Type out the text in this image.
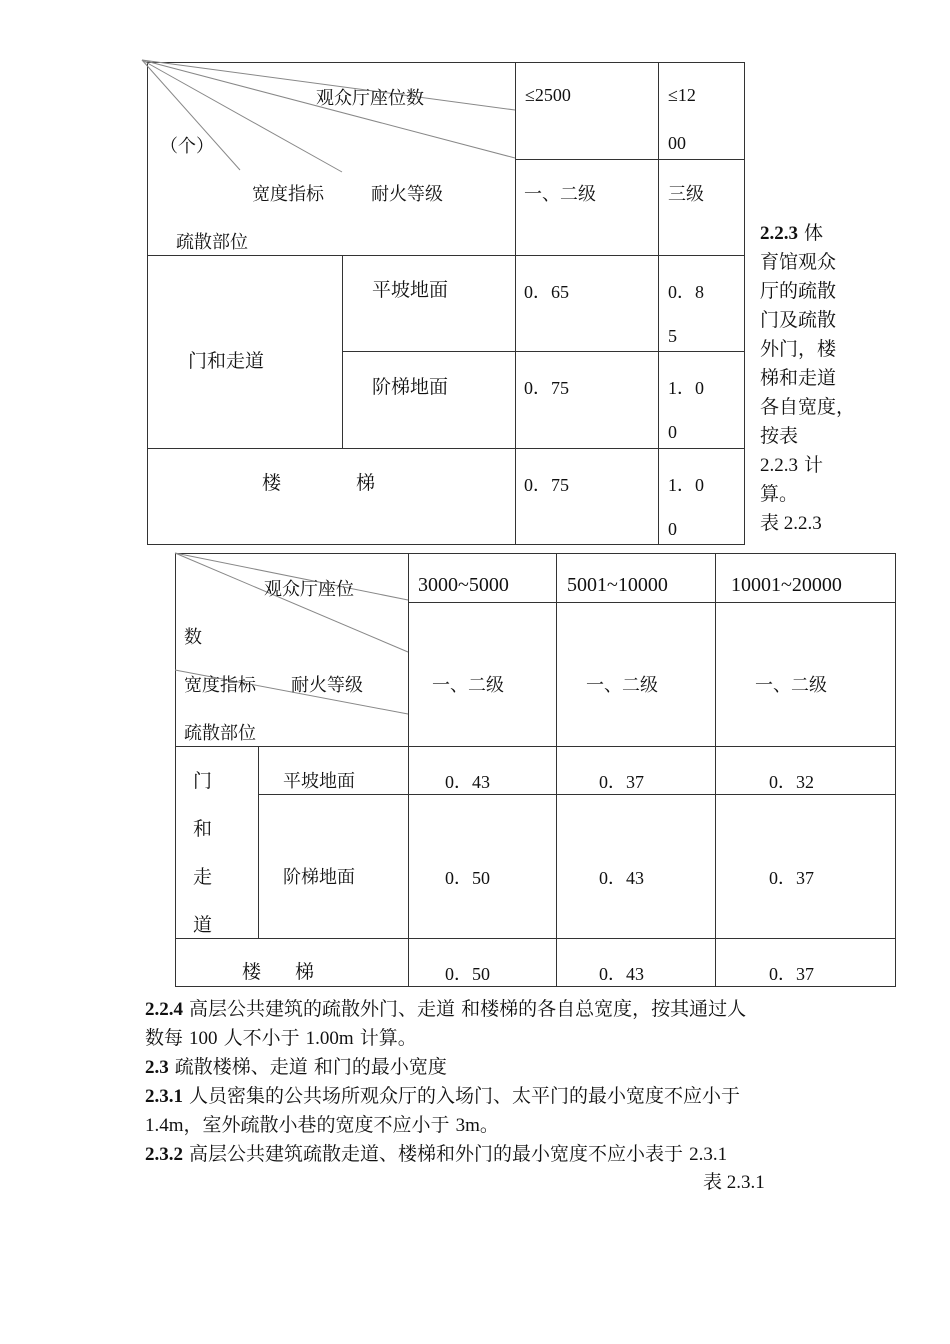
观众厅座位数
（个）
宽度指标	耐火等级
疏散部位
≤2500	≤12
00
一、二级	三级
门和走道
平坡地面	0．65	0．8
5
阶梯地面	0．75	1．0
0
楼	梯	0．75	1．0
0
2.2.3 体
育馆观众
厅的疏散
门及疏散
外门，楼
梯和走道
各自宽度，
按表
2.2.3 计
算。
表 2.2.3
观众厅座位
数
宽度指标 耐火等级
疏散部位
3000~5000	5001~10000	10001~20000
一、二级	一、二级	一、二级
门
和
走
道
平坡地面	0．43	0．37	0．32
阶梯地面	0．50	0．43	0．37
楼 梯	0．50	0．43	0．37
2.2.4 高层公共建筑的疏散外门、走道 和楼梯的各自总宽度，按其通过人
数每 100 人不小于 1.00m 计算。
2.3 疏散楼梯、走道 和门的最小宽度
2.3.1 人员密集的公共场所观众厅的入场门、太平门的最小宽度不应小于
1.4m，室外疏散小巷的宽度不应小于 3m。
2.3.2 高层公共建筑疏散走道、楼梯和外门的最小宽度不应小表于 2.3.1
表 2.3.1
